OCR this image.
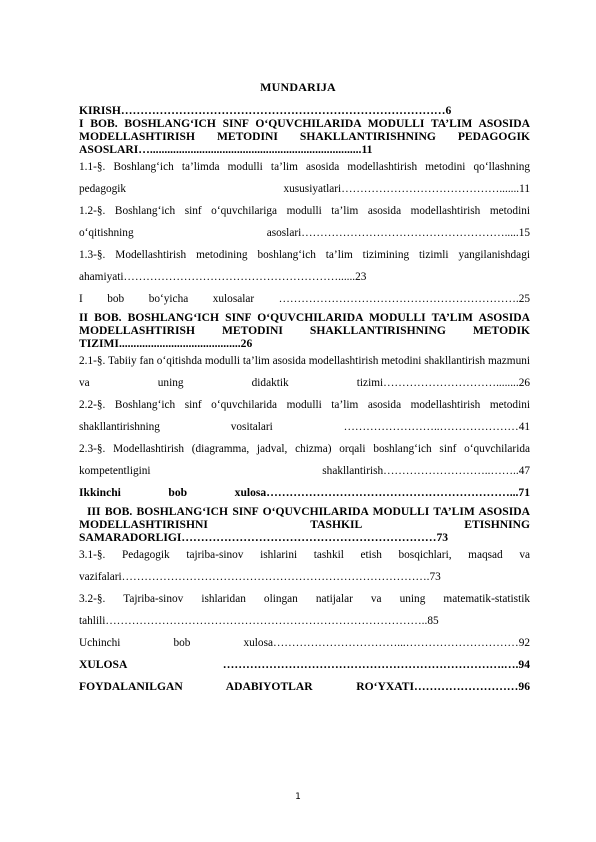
MUNDARIJA
KIRISH…………………………………………………………………………6
I BOB. BOSHLANG‘ICH SINF O‘QUVCHILARIDA MODULLI TA’LIM ASOSIDA MODELLASHTIRISH METODINI SHAKLLANTIRISHNING PEDAGOGIK ASOSLARI….........................................................................11
1.1-§. Boshlang‘ich ta’limda modulli ta’lim asosida modellashtirish metodini qo‘llashning pedagogik xususiyatlari…………………………………….......11
1.2-§. Boshlang‘ich sinf o‘quvchilariga modulli ta’lim asosida modellashtirish metodini o‘qitishning asoslari……………………………………………….....15
1.3-§. Modellashtirish metodining boshlang‘ich ta’lim tizimining tizimli yangilanishdagi ahamiyati…………………………………………………......23
I bob bo‘yicha xulosalar ……………………………………………………….25
II BOB. BOSHLANG‘ICH SINF O‘QUVCHILARIDA MODULLI TA’LIM ASOSIDA MODELLASHTIRISH METODINI SHAKLLANTIRISHNING METODIK TIZIMI..........................................26
2.1-§. Tabiiy fan o‘qitishda modulli ta’lim asosida modellashtirish metodini shakllantirish mazmuni va uning didaktik tizimi…………………………........26
2.2-§. Boshlang‘ich sinf o‘quvchilarida modulli ta’lim asosida modellashtirish metodini shakllantirishning vositalari ……………………..…………………41
2.3-§. Modellashtirish (diagramma, jadval, chizma) orqali boshlang‘ich sinf o‘quvchilarida kompetentligini shakllantirish………………………..……..47
Ikkinchi bob xulosa………………………………………………………...71
III BOB. BOSHLANG‘ICH SINF O‘QUVCHILARIDA MODULLI TA’LIM ASOSIDA MODELLASHTIRISHNI TASHKIL ETISHNING SAMARADORLIGI…………………………………………………………73
3.1-§. Pedagogik tajriba-sinov ishlarini tashkil etish bosqichlari, maqsad va vazifalari……………………………………………………………………….73
3.2-§. Tajriba-sinov ishlaridan olingan natijalar va uning matematik-statistik tahlili…………………………………………………………………………..85
Uchinchi bob xulosa……………………………...…………………………92
XULOSA ……………………………………………………………….….94
FOYDALANILGAN ADABIYOTLAR RO‘YXATI………………………96
1
